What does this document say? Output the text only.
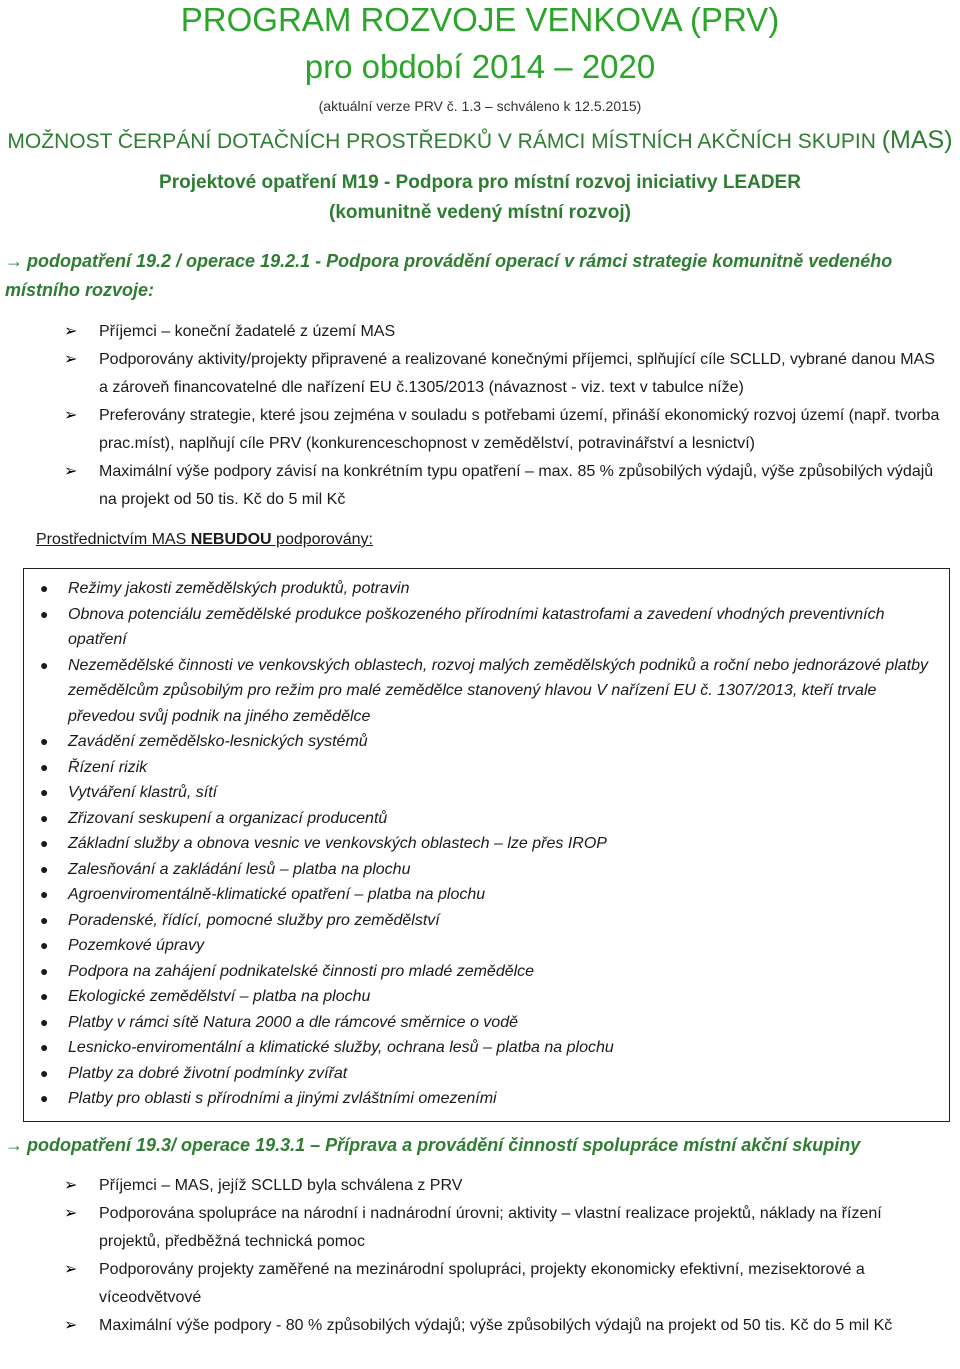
PROGRAM ROZVOJE VENKOVA (PRV)
pro období 2014 – 2020
(aktuální verze PRV č. 1.3 – schváleno k 12.5.2015)
MOŽNOST ČERPÁNÍ DOTAČNÍCH PROSTŘEDKŮ V RÁMCI MÍSTNÍCH AKČNÍCH SKUPIN (MAS)
Projektové opatření M19 - Podpora pro místní rozvoj iniciativy LEADER
(komunitně vedený místní rozvoj)
→ podopatření 19.2 / operace 19.2.1 - Podpora provádění operací v rámci strategie komunitně vedeného místního rozvoje:
➢ Příjemci – koneční žadatelé z území MAS
➢ Podporovány aktivity/projekty připravené a realizované konečnými příjemci, splňující cíle SCLLD, vybrané danou MAS a zároveň financovatelné dle nařízení EU č.1305/2013 (návaznost - viz. text v tabulce níže)
➢ Preferovány strategie, které jsou zejména v souladu s potřebami území, přináší ekonomický rozvoj území (např. tvorba prac.míst), naplňují cíle PRV (konkurenceschopnost v zemědělství, potravinářství a lesnictví)
➢ Maximální výše podpory závisí na konkrétním typu opatření – max. 85 % způsobilých výdajů, výše způsobilých výdajů na projekt od 50 tis. Kč do 5 mil Kč
Prostřednictvím MAS NEBUDOU podporovány:
● Režimy jakosti zemědělských produktů, potravin
● Obnova potenciálu zemědělské produkce poškozeného přírodními katastrofami a zavedení vhodných preventivních opatření
● Nezemědělské činnosti ve venkovských oblastech, rozvoj malých zemědělských podniků a roční nebo jednorázové platby zemědělcům způsobilým pro režim pro malé zemědělce stanovený hlavou V nařízení EU č. 1307/2013, kteří trvale převedou svůj podnik na jiného zemědělce
● Zavádění zemědělsko-lesnických systémů
● Řízení rizik
● Vytváření klastrů, sítí
● Zřizovaní seskupení a organizací producentů
● Základní služby a obnova vesnic ve venkovských oblastech – lze přes IROP
● Zalesňování a zakládání lesů – platba na plochu
● Agroenviromentálně-klimatické opatření – platba na plochu
● Poradenské, řídící, pomocné služby pro zemědělství
● Pozemkové úpravy
● Podpora na zahájení podnikatelské činnosti pro mladé zemědělce
● Ekologické zemědělství – platba na plochu
● Platby v rámci sítě Natura 2000 a dle rámcové směrnice o vodě
● Lesnicko-enviromentální a klimatické služby, ochrana lesů – platba na plochu
● Platby za dobré životní podmínky zvířat
● Platby pro oblasti s přírodními a jinými zvláštními omezeními
→ podopatření 19.3/ operace 19.3.1 – Příprava a provádění činností spolupráce místní akční skupiny
➢ Příjemci – MAS, jejíž SCLLD byla schválena z PRV
➢ Podporována spolupráce na národní i nadnárodní úrovni; aktivity – vlastní realizace projektů, náklady na řízení projektů, předběžná technická pomoc
➢ Podporovány projekty zaměřené na mezinárodní spolupráci, projekty ekonomicky efektivní, mezisektorové a víceodvětvové
➢ Maximální výše podpory - 80 % způsobilých výdajů; výše způsobilých výdajů na projekt od 50 tis. Kč do 5 mil Kč
